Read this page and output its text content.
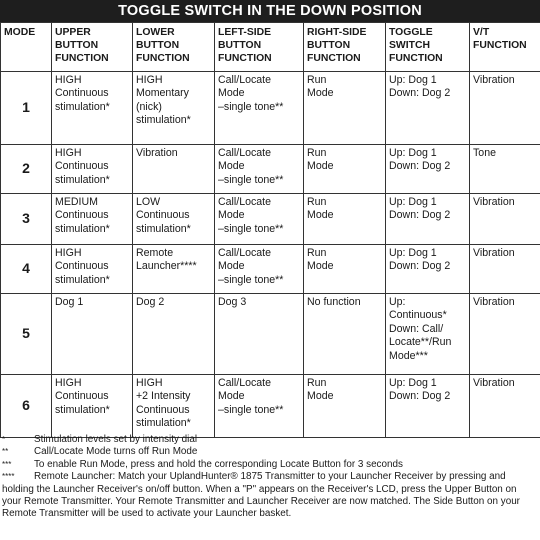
TOGGLE SWITCH IN THE DOWN POSITION
MODE	UPPER
BUTTON
FUNCTION	LOWER
BUTTON
FUNCTION	LEFT-SIDE
BUTTON
FUNCTION	RIGHT-SIDE
BUTTON
FUNCTION	TOGGLE
SWITCH
FUNCTION	V/T
FUNCTION

1	HIGH
Continuous
stimulation*	HIGH
Momentary
(nick)
stimulation*	Call/Locate Mode
–single tone**	Run
Mode	Up: Dog 1
Down: Dog 2	Vibration

2	HIGH
Continuous
stimulation*	Vibration	Call/Locate Mode
–single tone**	Run
Mode	Up: Dog 1
Down: Dog 2	Tone

3	MEDIUM
Continuous
stimulation*	LOW Continuous
stimulation*	Call/Locate Mode
–single tone**	Run
Mode	Up: Dog 1
Down: Dog 2	Vibration

4	HIGH
Continuous
stimulation*	Remote
Launcher****	Call/Locate Mode
–single tone**	Run
Mode	Up: Dog 1
Down: Dog 2	Vibration

5	Dog 1	Dog 2	Dog 3	No function	Up: Continuous*
Down: Call/
Locate**/Run
Mode***	Vibration

6	HIGH
Continuous
stimulation*	HIGH
+2 Intensity
Continuous
stimulation*	Call/Locate Mode
–single tone**	Run
Mode	Up: Dog 1
Down: Dog 2	Vibration
*	Stimulation levels set by intensity dial
**	Call/Locate Mode turns off Run Mode
***	To enable Run Mode, press and hold the corresponding Locate Button for 3 seconds
**** Remote Launcher: Match your UplandHunter® 1875 Transmitter to your Launcher Receiver by pressing and holding the Launcher Receiver's on/off button. When a "P" appears on the Receiver's LCD, press the Upper Button on your Remote Transmitter. Your Remote Transmitter and Launcher Receiver are now matched. The Side Button on your Remote Transmitter will be used to activate your Launcher basket.
